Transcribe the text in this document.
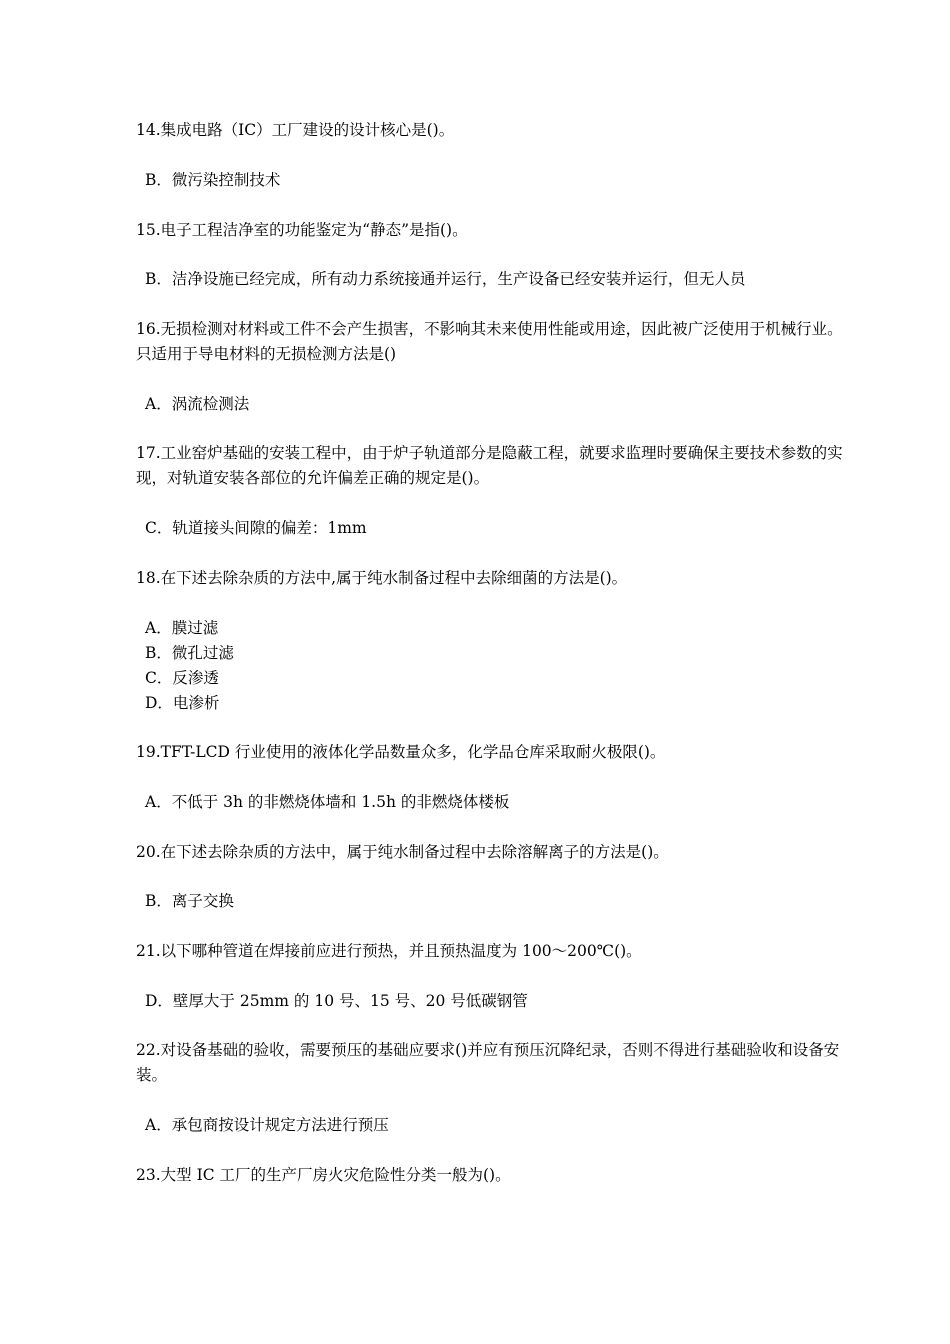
14.集成电路（IC）工厂建设的设计核心是()。
B．微污染控制技术
15.电子工程洁净室的功能鉴定为“静态”是指()。
B．洁净设施已经完成，所有动力系统接通并运行，生产设备已经安装并运行，但无人员
16.无损检测对材料或工件不会产生损害，不影响其未来使用性能或用途，因此被广泛使用于机械行业。只适用于导电材料的无损检测方法是()
A．涡流检测法
17.工业窑炉基础的安装工程中，由于炉子轨道部分是隐蔽工程，就要求监理时要确保主要技术参数的实现，对轨道安装各部位的允许偏差正确的规定是()。
C．轨道接头间隙的偏差：1mm
18.在下述去除杂质的方法中,属于纯水制备过程中去除细菌的方法是()。
A．膜过滤
B．微孔过滤
C．反渗透
D．电渗析
19.TFT-LCD 行业使用的液体化学品数量众多，化学品仓库采取耐火极限()。
A．不低于 3h 的非燃烧体墙和 1.5h 的非燃烧体楼板
20.在下述去除杂质的方法中，属于纯水制备过程中去除溶解离子的方法是()。
B．离子交换
21.以下哪种管道在焊接前应进行预热，并且预热温度为 100～200℃()。
D．壁厚大于 25mm 的 10 号、15 号、20 号低碳钢管
22.对设备基础的验收，需要预压的基础应要求()并应有预压沉降纪录，否则不得进行基础验收和设备安装。
A．承包商按设计规定方法进行预压
23.大型 IC 工厂的生产厂房火灾危险性分类一般为()。
